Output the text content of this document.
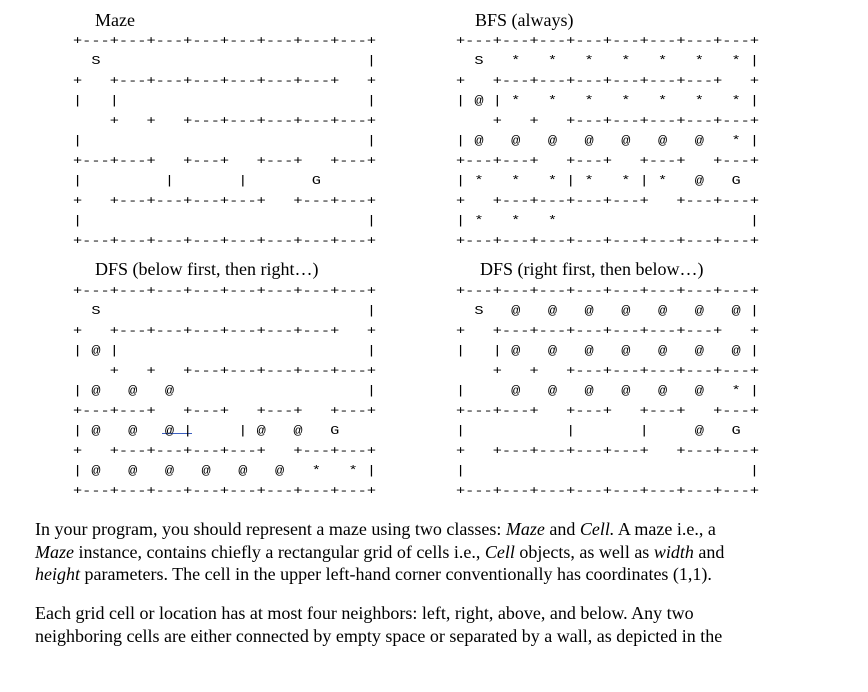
Maze	BFS (always)
DFS (below first, then right…)	DFS (right first, then below…)
In your program, you should represent a maze using two classes: Maze and Cell. A maze i.e., a
Maze instance, contains chiefly a rectangular grid of cells i.e., Cell objects, as well as width and
height parameters. The cell in the upper left-hand corner conventionally has coordinates (1,1).
Each grid cell or location has at most four neighbors: left, right, above, and below. Any two
neighboring cells are either connected by empty space or separated by a wall, as depicted in the
+---+---+---+---+---+---+---+---+
S                             |
+   +---+---+---+---+---+---+   +
|   |                           |
+   +   +---+---+---+---+---+
|                               |
+---+---+   +---+   +---+   +---+
|         |       |       G
+   +---+---+---+---+   +---+---+
|                               |
+---+---+---+---+---+---+---+---+
+---+---+---+---+---+---+---+---+
S   *   *   *   *   *   *   * |
+   +---+---+---+---+---+---+   +
| @ | *   *   *   *   *   *   * |
+   +   +---+---+---+---+---+
| @   @   @   @   @   @   @   * |
+---+---+   +---+   +---+   +---+
| *   *   * | *   * | *   @   G
+   +---+---+---+---+   +---+---+
| *   *   *                     |
+---+---+---+---+---+---+---+---+
+---+---+---+---+---+---+---+---+
S                             |
+   +---+---+---+---+---+---+   +
| @ |                           |
+   +   +---+---+---+---+---+
| @   @   @                     |
+---+---+   +---+   +---+   +---+
| @   @   @ |     | @   @   G
+   +---+---+---+---+   +---+---+
| @   @   @   @   @   @   *   * |
+---+---+---+---+---+---+---+---+
+---+---+---+---+---+---+---+---+
S   @   @   @   @   @   @   @ |
+   +---+---+---+---+---+---+   +
|   | @   @   @   @   @   @   @ |
+   +   +---+---+---+---+---+
|     @   @   @   @   @   @   * |
+---+---+   +---+   +---+   +---+
|           |       |     @   G
+   +---+---+---+---+   +---+---+
|                               |
+---+---+---+---+---+---+---+---+
